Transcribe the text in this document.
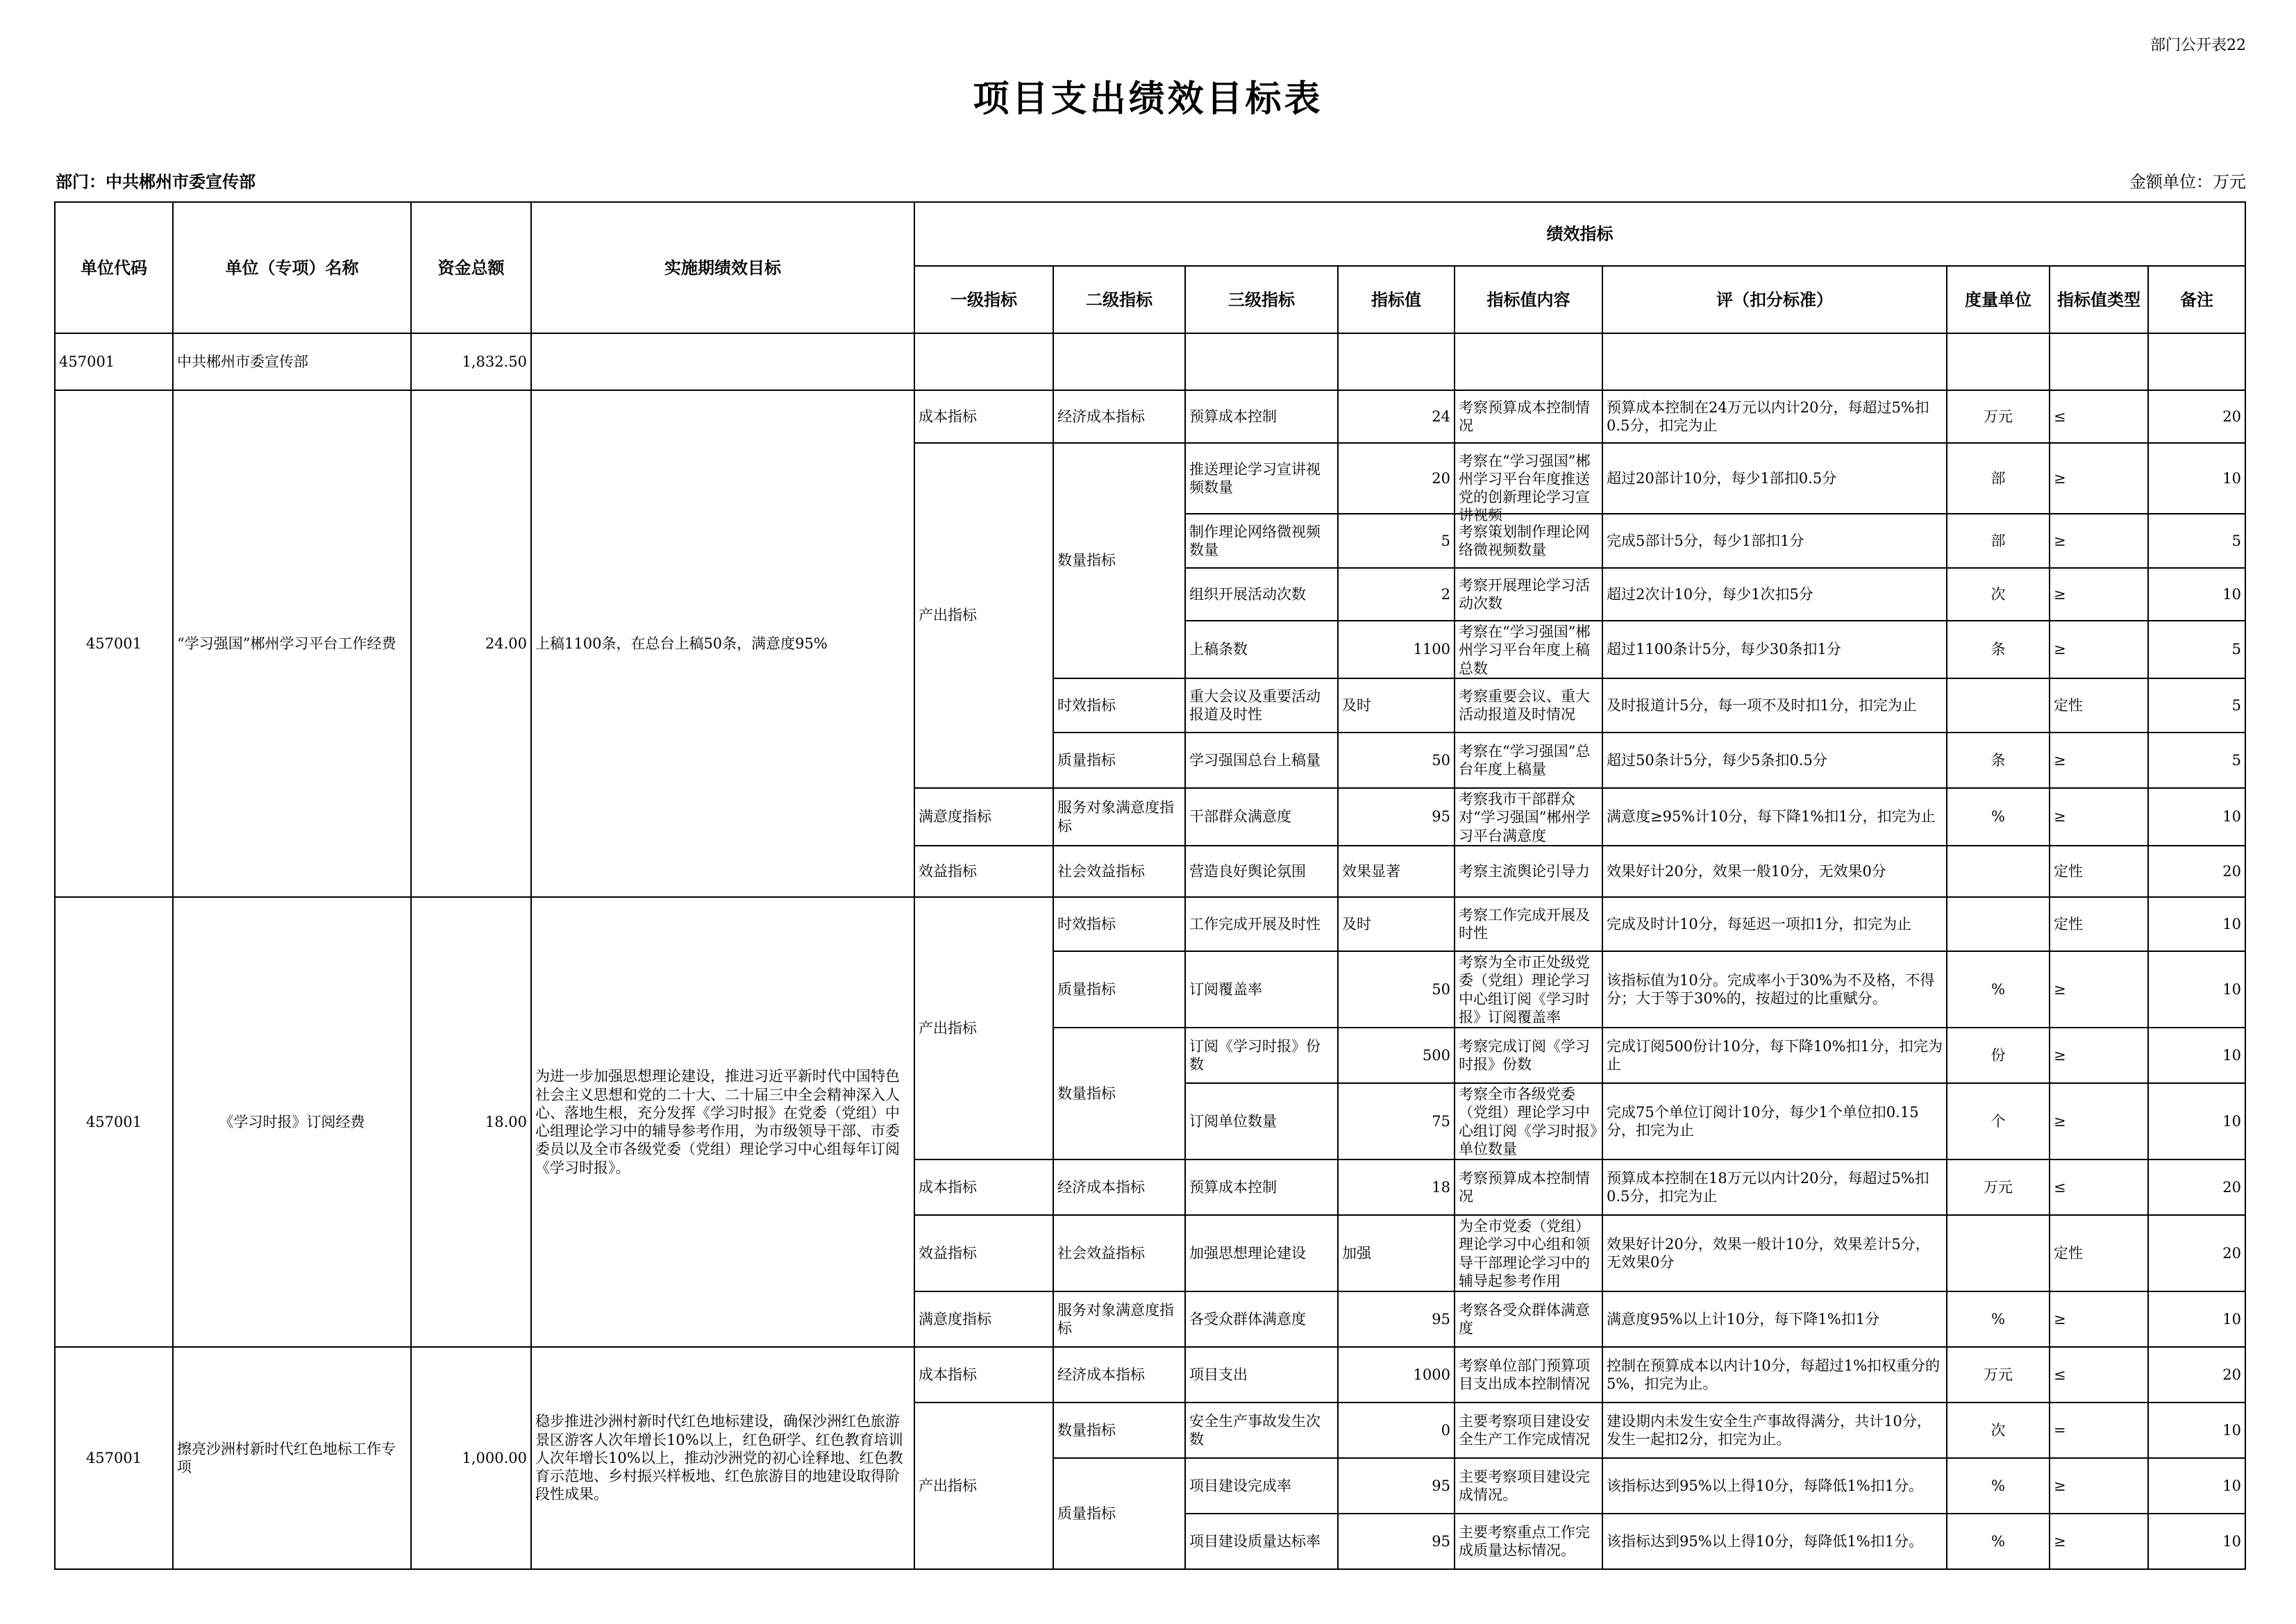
部门公开表22
项目支出绩效目标表
部门：中共郴州市委宣传部	金额单位：万元
单位代码	单位（专项）名称	资金总额	实施期绩效目标	绩效指标								
				一级指标	二级指标	三级指标	指标值	指标值内容	评（扣分标准）	度量单位	指标值类型	备注
457001	中共郴州市委宣传部	1,832.50										
457001	“学习强国”郴州学习平台工作经费	24.00	上稿1100条，在总台上稿50条，满意度95%	成本指标	经济成本指标	预算成本控制	24	考察预算成本控制情况	预算成本控制在24万元以内计20分，每超过5%扣0.5分，扣完为止	万元	≤	20
				产出指标	数量指标	推送理论学习宣讲视频数量	20	考察在“学习强国”郴州学习平台年度推送党的创新理论学习宣讲视频	超过20部计10分，每少1部扣0.5分	部	≥	10
						制作理论网络微视频数量	5	考察策划制作理论网络微视频数量	完成5部计5分，每少1部扣1分	部	≥	5
						组织开展活动次数	2	考察开展理论学习活动次数	超过2次计10分，每少1次扣5分	次	≥	10
						上稿条数	1100	考察在“学习强国”郴州学习平台年度上稿总数	超过1100条计5分，每少30条扣1分	条	≥	5
					时效指标	重大会议及重要活动报道及时性	及时	考察重要会议、重大活动报道及时情况	及时报道计5分，每一项不及时扣1分，扣完为止		定性	5
					质量指标	学习强国总台上稿量	50	考察在“学习强国”总台年度上稿量	超过50条计5分，每少5条扣0.5分	条	≥	5
				满意度指标	服务对象满意度指标	干部群众满意度	95	考察我市干部群众对“学习强国”郴州学习平台满意度	满意度≥95%计10分，每下降1%扣1分，扣完为止	%	≥	10
				效益指标	社会效益指标	营造良好舆论氛围	效果显著	考察主流舆论引导力	效果好计20分，效果一般10分，无效果0分		定性	20
457001	《学习时报》订阅经费	18.00	为进一步加强思想理论建设，推进习近平新时代中国特色社会主义思想和党的二十大、二十届三中全会精神深入人心、落地生根，充分发挥《学习时报》在党委（党组）中心组理论学习中的辅导参考作用，为市级领导干部、市委委员以及全市各级党委（党组）理论学习中心组每年订阅《学习时报》。	产出指标	时效指标	工作完成开展及时性	及时	考察工作完成开展及时性	完成及时计10分，每延迟一项扣1分，扣完为止		定性	10
					质量指标	订阅覆盖率	50	考察为全市正处级党委（党组）理论学习中心组订阅《学习时报》订阅覆盖率	该指标值为10分。完成率小于30%为不及格，不得分；大于等于30%的，按超过的比重赋分。	%	≥	10
					数量指标	订阅《学习时报》份数	500	考察完成订阅《学习时报》份数	完成订阅500份计10分，每下降10%扣1分，扣完为止	份	≥	10
						订阅单位数量	75	考察全市各级党委（党组）理论学习中心组订阅《学习时报》单位数量	完成75个单位订阅计10分，每少1个单位扣0.15分，扣完为止	个	≥	10
				成本指标	经济成本指标	预算成本控制	18	考察预算成本控制情况	预算成本控制在18万元以内计20分，每超过5%扣0.5分，扣完为止	万元	≤	20
				效益指标	社会效益指标	加强思想理论建设	加强	为全市党委（党组）理论学习中心组和领导干部理论学习中的辅导起参考作用	效果好计20分，效果一般计10分，效果差计5分，无效果0分		定性	20
				满意度指标	服务对象满意度指标	各受众群体满意度	95	考察各受众群体满意度	满意度95%以上计10分，每下降1%扣1分	%	≥	10
457001	擦亮沙洲村新时代红色地标工作专项	1,000.00	稳步推进沙洲村新时代红色地标建设，确保沙洲红色旅游景区游客人次年增长10%以上，红色研学、红色教育培训人次年增长10%以上，推动沙洲党的初心诠释地、红色教育示范地、乡村振兴样板地、红色旅游目的地建设取得阶段性成果。	成本指标	经济成本指标	项目支出	1000	考察单位部门预算项目支出成本控制情况	控制在预算成本以内计10分，每超过1%扣权重分的5%，扣完为止。	万元	≤	20
				产出指标	数量指标	安全生产事故发生次数	0	主要考察项目建设安全生产工作完成情况	建设期内未发生安全生产事故得满分，共计10分，发生一起扣2分，扣完为止。	次	=	10
					质量指标	项目建设完成率	95	主要考察项目建设完成情况。	该指标达到95%以上得10分，每降低1%扣1分。	%	≥	10
						项目建设质量达标率	95	主要考察重点工作完成质量达标情况。	该指标达到95%以上得10分，每降低1%扣1分。	%	≥	10
